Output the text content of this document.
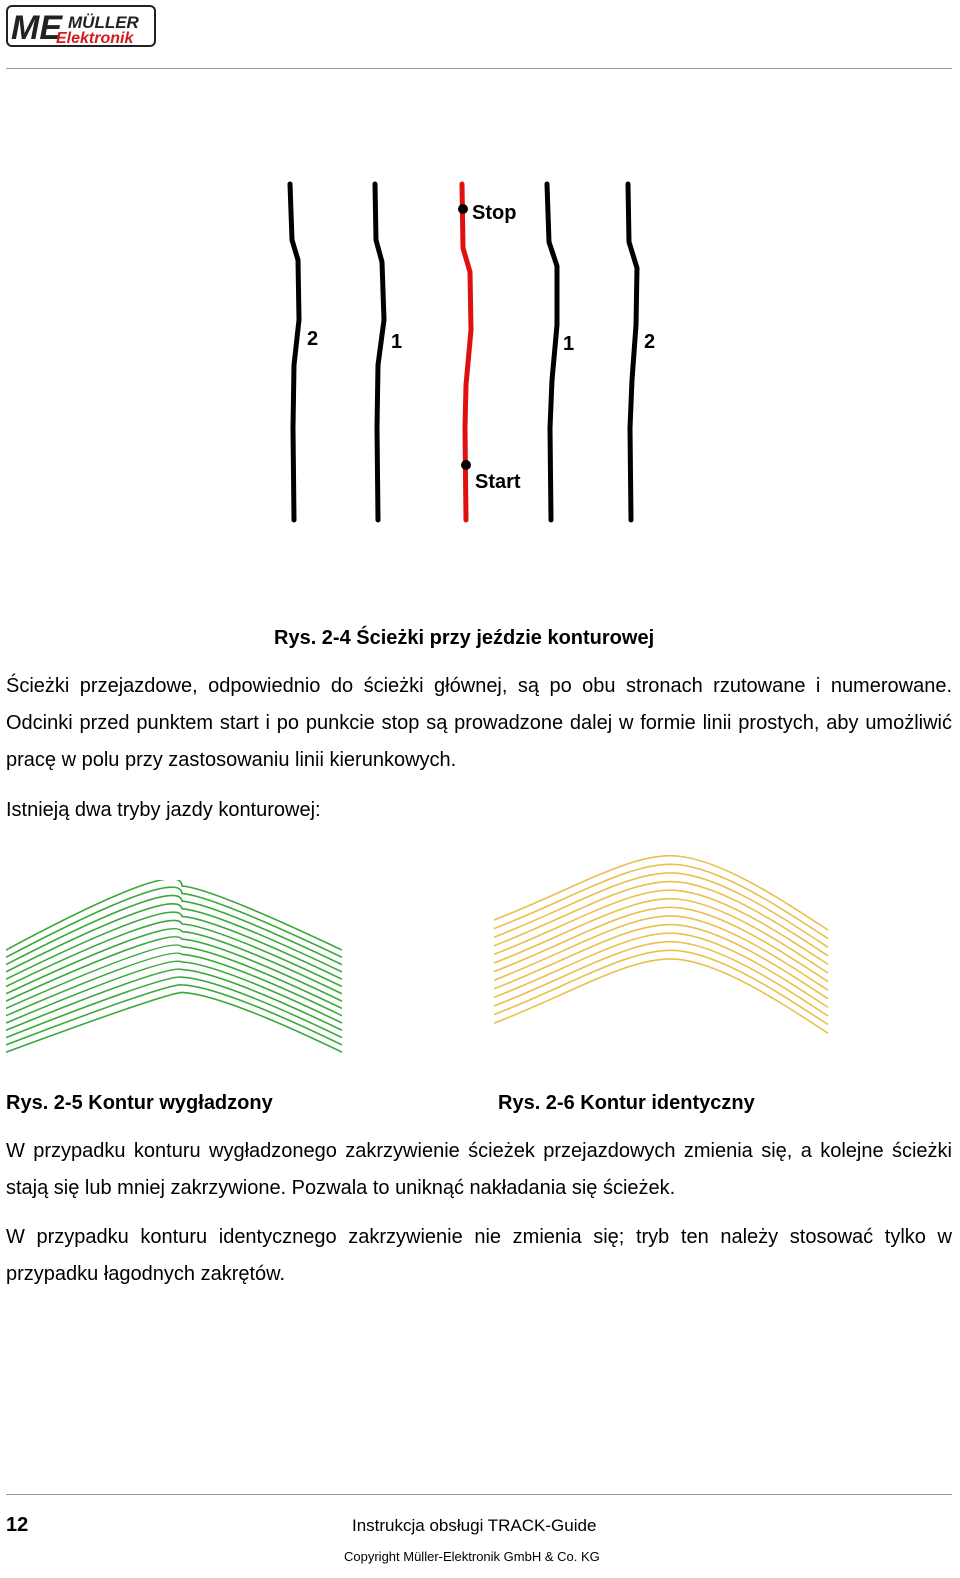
ME MÜLLER
Elektronik
Stop
Start
2	1	1	2
Rys. 2-4 Ścieżki przy jeździe konturowej

Ścieżki przejazdowe, odpowiednio do ścieżki głównej, są po obu stronach rzutowane i numerowane. Odcinki przed punktem start i po punkcie stop są prowadzone dalej w formie linii prostych, aby umożliwić pracę w polu przy zastosowaniu linii kierunkowych.

Istnieją dwa tryby jazdy konturowej:

Rys. 2-5 Kontur wygładzony	Rys. 2-6 Kontur identyczny

W przypadku konturu wygładzonego zakrzywienie ścieżek przejazdowych zmienia się, a kolejne ścieżki stają się lub mniej zakrzywione. Pozwala to uniknąć nakładania się ścieżek.

W przypadku konturu identycznego zakrzywienie nie zmienia się; tryb ten należy stosować tylko w przypadku łagodnych zakrętów.

12	Instrukcja obsługi TRACK-Guide
Copyright Müller-Elektronik GmbH & Co. KG
